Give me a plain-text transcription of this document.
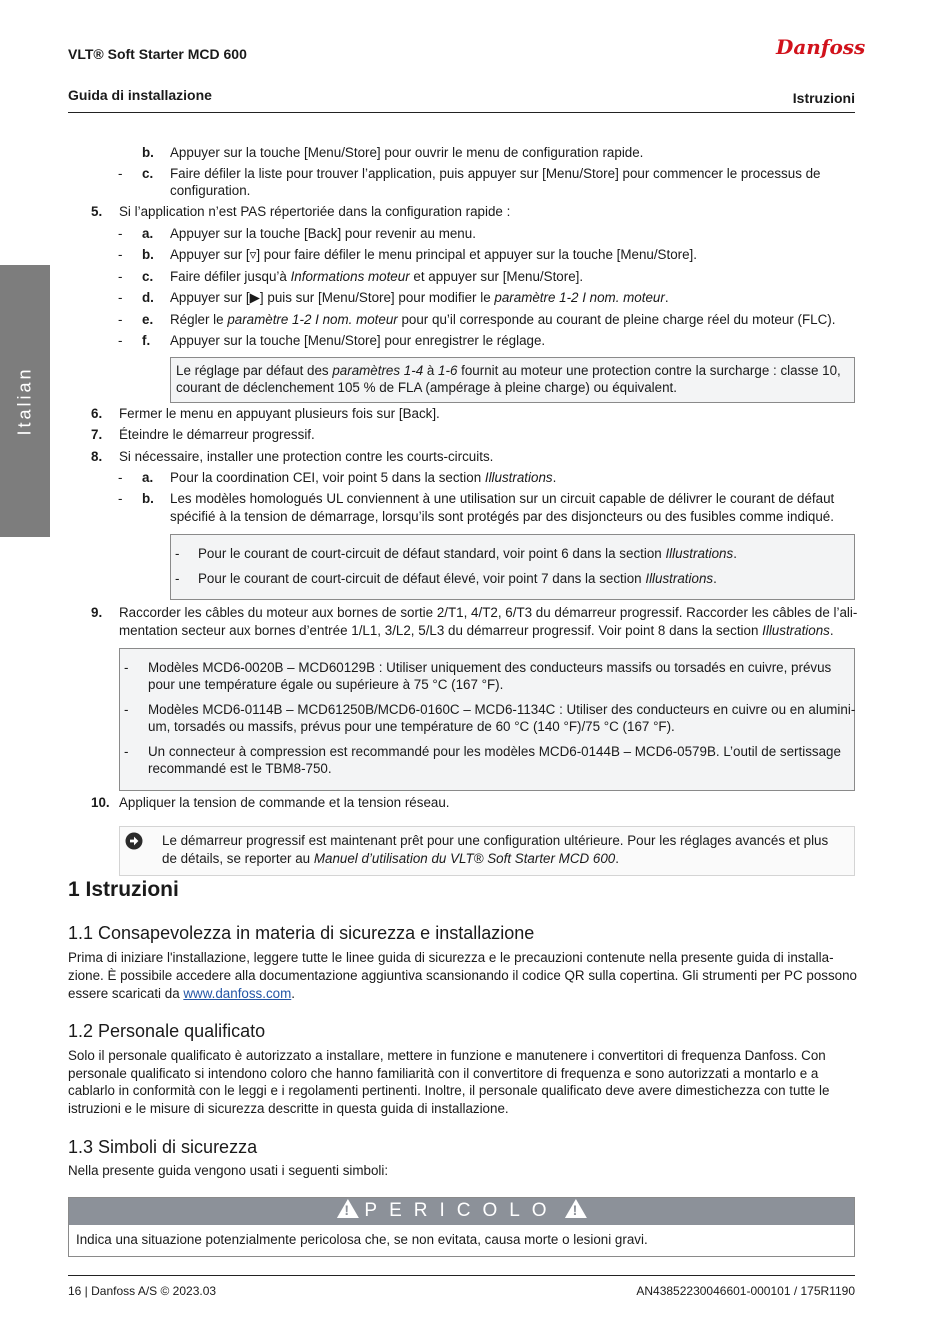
VLT® Soft Starter MCD 600
Guida di installazione	Istruzioni
Danfoss
Italian
b. Appuyer sur la touche [Menu/Store] pour ouvrir le menu de configuration rapide.
- c. Faire défiler la liste pour trouver l’application, puis appuyer sur [Menu/Store] pour commencer le processus de
configuration.
5. Si l’application n’est PAS répertoriée dans la configuration rapide :
- a. Appuyer sur la touche [Back] pour revenir au menu.
- b. Appuyer sur [▿] pour faire défiler le menu principal et appuyer sur la touche [Menu/Store].
- c. Faire défiler jusqu’à Informations moteur et appuyer sur [Menu/Store].
- d. Appuyer sur [▶] puis sur [Menu/Store] pour modifier le paramètre 1-2 I nom. moteur.
- e. Régler le paramètre 1-2 I nom. moteur pour qu’il corresponde au courant de pleine charge réel du moteur (FLC).
- f. Appuyer sur la touche [Menu/Store] pour enregistrer le réglage.
Le réglage par défaut des paramètres 1-4 à 1-6 fournit au moteur une protection contre la surcharge : classe 10,
courant de déclenchement 105 % de FLA (ampérage à pleine charge) ou équivalent.
6. Fermer le menu en appuyant plusieurs fois sur [Back].
7. Éteindre le démarreur progressif.
8. Si nécessaire, installer une protection contre les courts-circuits.
- a. Pour la coordination CEI, voir point 5 dans la section Illustrations.
- b. Les modèles homologués UL conviennent à une utilisation sur un circuit capable de délivrer le courant de défaut
spécifié à la tension de démarrage, lorsqu’ils sont protégés par des disjoncteurs ou des fusibles comme indiqué.
- Pour le courant de court-circuit de défaut standard, voir point 6 dans la section Illustrations.
- Pour le courant de court-circuit de défaut élevé, voir point 7 dans la section Illustrations.
9. Raccorder les câbles du moteur aux bornes de sortie 2/T1, 4/T2, 6/T3 du démarreur progressif. Raccorder les câbles de l’ali-
mentation secteur aux bornes d’entrée 1/L1, 3/L2, 5/L3 du démarreur progressif. Voir point 8 dans la section Illustrations.
- Modèles MCD6-0020B – MCD60129B : Utiliser uniquement des conducteurs massifs ou torsadés en cuivre, prévus
pour une température égale ou supérieure à 75 °C (167 °F).
- Modèles MCD6-0114B – MCD61250B/MCD6-0160C – MCD6-1134C : Utiliser des conducteurs en cuivre ou en alumini-
um, torsadés ou massifs, prévus pour une température de 60 °C (140 °F)/75 °C (167 °F).
- Un connecteur à compression est recommandé pour les modèles MCD6-0144B – MCD6-0579B. L’outil de sertissage
recommandé est le TBM8-750.
10. Appliquer la tension de commande et la tension réseau.
Le démarreur progressif est maintenant prêt pour une configuration ultérieure. Pour les réglages avancés et plus
de détails, se reporter au Manuel d’utilisation du VLT® Soft Starter MCD 600.
1 Istruzioni
1.1 Consapevolezza in materia di sicurezza e installazione
Prima di iniziare l'installazione, leggere tutte le linee guida di sicurezza e le precauzioni contenute nella presente guida di installa-
zione. È possibile accedere alla documentazione aggiuntiva scansionando il codice QR sulla copertina. Gli strumenti per PC possono
essere scaricati da www.danfoss.com.
1.2 Personale qualificato
Solo il personale qualificato è autorizzato a installare, mettere in funzione e manutenere i convertitori di frequenza Danfoss. Con
personale qualificato si intendono coloro che hanno familiarità con il convertitore di frequenza e sono autorizzati a montarlo e a
cablarlo in conformità con le leggi e i regolamenti pertinenti. Inoltre, il personale qualificato deve avere dimestichezza con tutte le
istruzioni e le misure di sicurezza descritte in questa guida di installazione.
1.3 Simboli di sicurezza
Nella presente guida vengono usati i seguenti simboli:
!PERICOLO!
Indica una situazione potenzialmente pericolosa che, se non evitata, causa morte o lesioni gravi.
16 | Danfoss A/S © 2023.03	AN43852230046601-000101 / 175R1190
